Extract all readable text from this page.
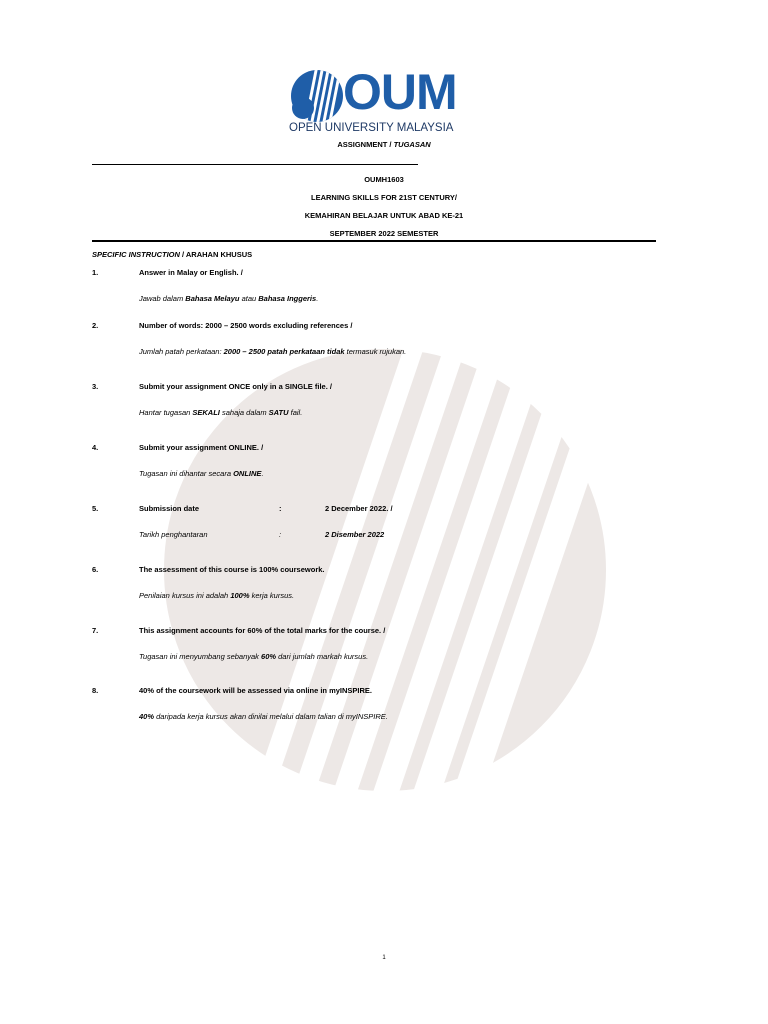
OUM
OPEN UNIVERSITY MALAYSIA
ASSIGNMENT / TUGASAN
OUMH1603
LEARNING SKILLS FOR 21ST CENTURY/
KEMAHIRAN BELAJAR UNTUK ABAD KE-21
SEPTEMBER 2022 SEMESTER
SPECIFIC INSTRUCTION / ARAHAN KHUSUS
1.	Answer in Malay or English. /
Jawab dalam Bahasa Melayu atau Bahasa Inggeris.
2.	Number of words: 2000 – 2500 words excluding references /
Jumlah patah perkataan: 2000 – 2500 patah perkataan tidak termasuk rujukan.
3.	Submit your assignment ONCE only in a SINGLE file. /
Hantar tugasan SEKALI sahaja dalam SATU fail.
4.	Submit your assignment ONLINE. /
Tugasan ini dihantar secara ONLINE.
5.	Submission date	:	2 December 2022. /
Tarikh penghantaran	:	2 Disember 2022
6.	The assessment of this course is 100% coursework.
Penilaian kursus ini adalah 100% kerja kursus.
7.	This assignment accounts for 60% of the total marks for the course. /
Tugasan ini menyumbang sebanyak 60% dari jumlah markah kursus.
8.	40% of the coursework will be assessed via online in myINSPIRE.
40% daripada kerja kursus akan dinilai melalui dalam talian di myINSPIRE.
1
